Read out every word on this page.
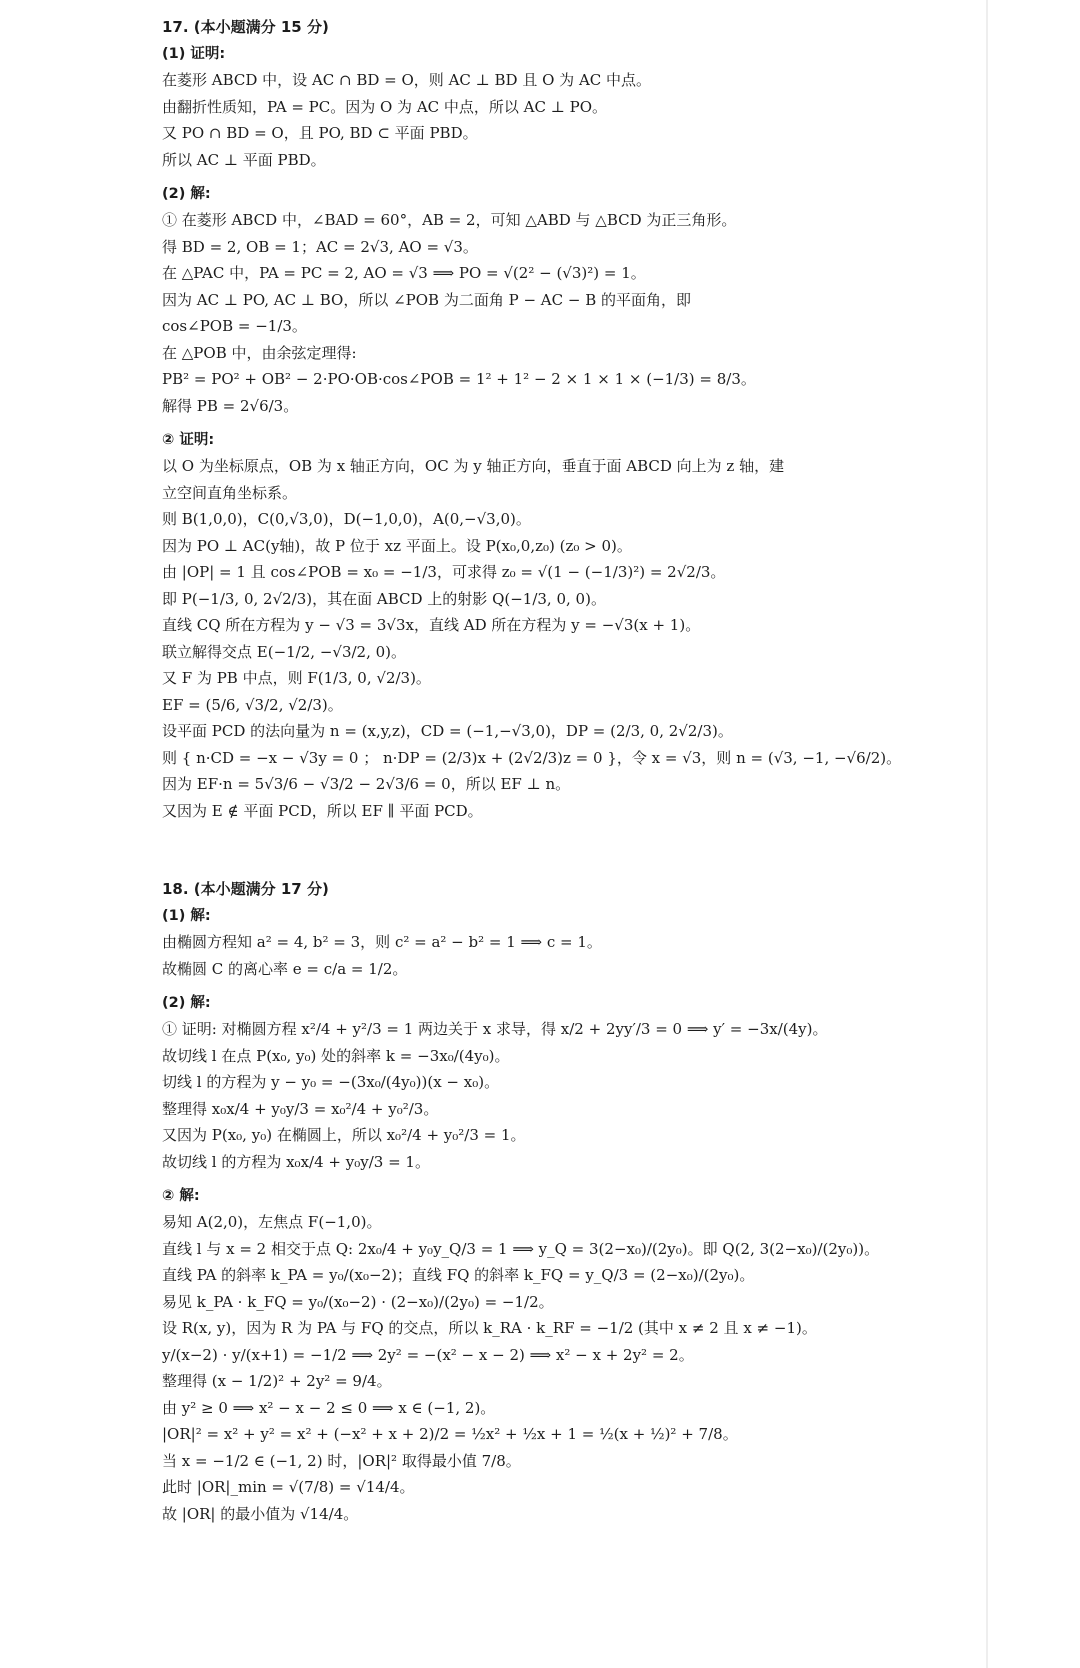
17. (本小题满分 15 分)
(1) 证明:
在菱形 ABCD 中，设 AC ∩ BD = O，则 AC ⊥ BD 且 O 为 AC 中点。
由翻折性质知，PA = PC。因为 O 为 AC 中点，所以 AC ⊥ PO。
又 PO ∩ BD = O，且 PO, BD ⊂ 平面 PBD。
所以 AC ⊥ 平面 PBD。
(2) 解:
① 在菱形 ABCD 中，∠BAD = 60°，AB = 2，可知 △ABD 与 △BCD 为正三角形。
得 BD = 2, OB = 1；AC = 2√3, AO = √3。
在 △PAC 中，PA = PC = 2, AO = √3 ⟹ PO = √(2² − (√3)²) = 1。
因为 AC ⊥ PO, AC ⊥ BO，所以 ∠POB 为二面角 P − AC − B 的平面角，即
cos∠POB = −1/3。
在 △POB 中，由余弦定理得:
PB² = PO² + OB² − 2·PO·OB·cos∠POB = 1² + 1² − 2 × 1 × 1 × (−1/3) = 8/3。
解得 PB = 2√6/3。
② 证明:
以 O 为坐标原点，OB 为 x 轴正方向，OC 为 y 轴正方向，垂直于面 ABCD 向上为 z 轴，建
立空间直角坐标系。
则 B(1,0,0)，C(0,√3,0)，D(−1,0,0)，A(0,−√3,0)。
因为 PO ⊥ AC(y轴)，故 P 位于 xz 平面上。设 P(x₀,0,z₀) (z₀ > 0)。
由 |OP| = 1 且 cos∠POB = x₀ = −1/3，可求得 z₀ = √(1 − (−1/3)²) = 2√2/3。
即 P(−1/3, 0, 2√2/3)，其在面 ABCD 上的射影 Q(−1/3, 0, 0)。
直线 CQ 所在方程为 y − √3 = 3√3x，直线 AD 所在方程为 y = −√3(x + 1)。
联立解得交点 E(−1/2, −√3/2, 0)。
又 F 为 PB 中点，则 F(1/3, 0, √2/3)。
EF = (5/6, √3/2, √2/3)。
设平面 PCD 的法向量为 n = (x,y,z)，CD = (−1,−√3,0)，DP = (2/3, 0, 2√2/3)。
则 { n·CD = −x − √3y = 0 ； n·DP = (2/3)x + (2√2/3)z = 0 }，令 x = √3，则 n = (√3, −1, −√6/2)。
因为 EF·n = 5√3/6 − √3/2 − 2√3/6 = 0，所以 EF ⊥ n。
又因为 E ∉ 平面 PCD，所以 EF ∥ 平面 PCD。
18. (本小题满分 17 分)
(1) 解:
由椭圆方程知 a² = 4, b² = 3，则 c² = a² − b² = 1 ⟹ c = 1。
故椭圆 C 的离心率 e = c/a = 1/2。
(2) 解:
① 证明: 对椭圆方程 x²/4 + y²/3 = 1 两边关于 x 求导，得 x/2 + 2yy′/3 = 0 ⟹ y′ = −3x/(4y)。
故切线 l 在点 P(x₀, y₀) 处的斜率 k = −3x₀/(4y₀)。
切线 l 的方程为 y − y₀ = −(3x₀/(4y₀))(x − x₀)。
整理得 x₀x/4 + y₀y/3 = x₀²/4 + y₀²/3。
又因为 P(x₀, y₀) 在椭圆上，所以 x₀²/4 + y₀²/3 = 1。
故切线 l 的方程为 x₀x/4 + y₀y/3 = 1。
② 解:
易知 A(2,0)，左焦点 F(−1,0)。
直线 l 与 x = 2 相交于点 Q: 2x₀/4 + y₀y_Q/3 = 1 ⟹ y_Q = 3(2−x₀)/(2y₀)。即 Q(2, 3(2−x₀)/(2y₀))。
直线 PA 的斜率 k_PA = y₀/(x₀−2)；直线 FQ 的斜率 k_FQ = y_Q/3 = (2−x₀)/(2y₀)。
易见 k_PA · k_FQ = y₀/(x₀−2) · (2−x₀)/(2y₀) = −1/2。
设 R(x, y)，因为 R 为 PA 与 FQ 的交点，所以 k_RA · k_RF = −1/2 (其中 x ≠ 2 且 x ≠ −1)。
y/(x−2) · y/(x+1) = −1/2 ⟹ 2y² = −(x² − x − 2) ⟹ x² − x + 2y² = 2。
整理得 (x − 1/2)² + 2y² = 9/4。
由 y² ≥ 0 ⟹ x² − x − 2 ≤ 0 ⟹ x ∈ (−1, 2)。
|OR|² = x² + y² = x² + (−x² + x + 2)/2 = ½x² + ½x + 1 = ½(x + ½)² + 7/8。
当 x = −1/2 ∈ (−1, 2) 时，|OR|² 取得最小值 7/8。
此时 |OR|_min = √(7/8) = √14/4。
故 |OR| 的最小值为 √14/4。
